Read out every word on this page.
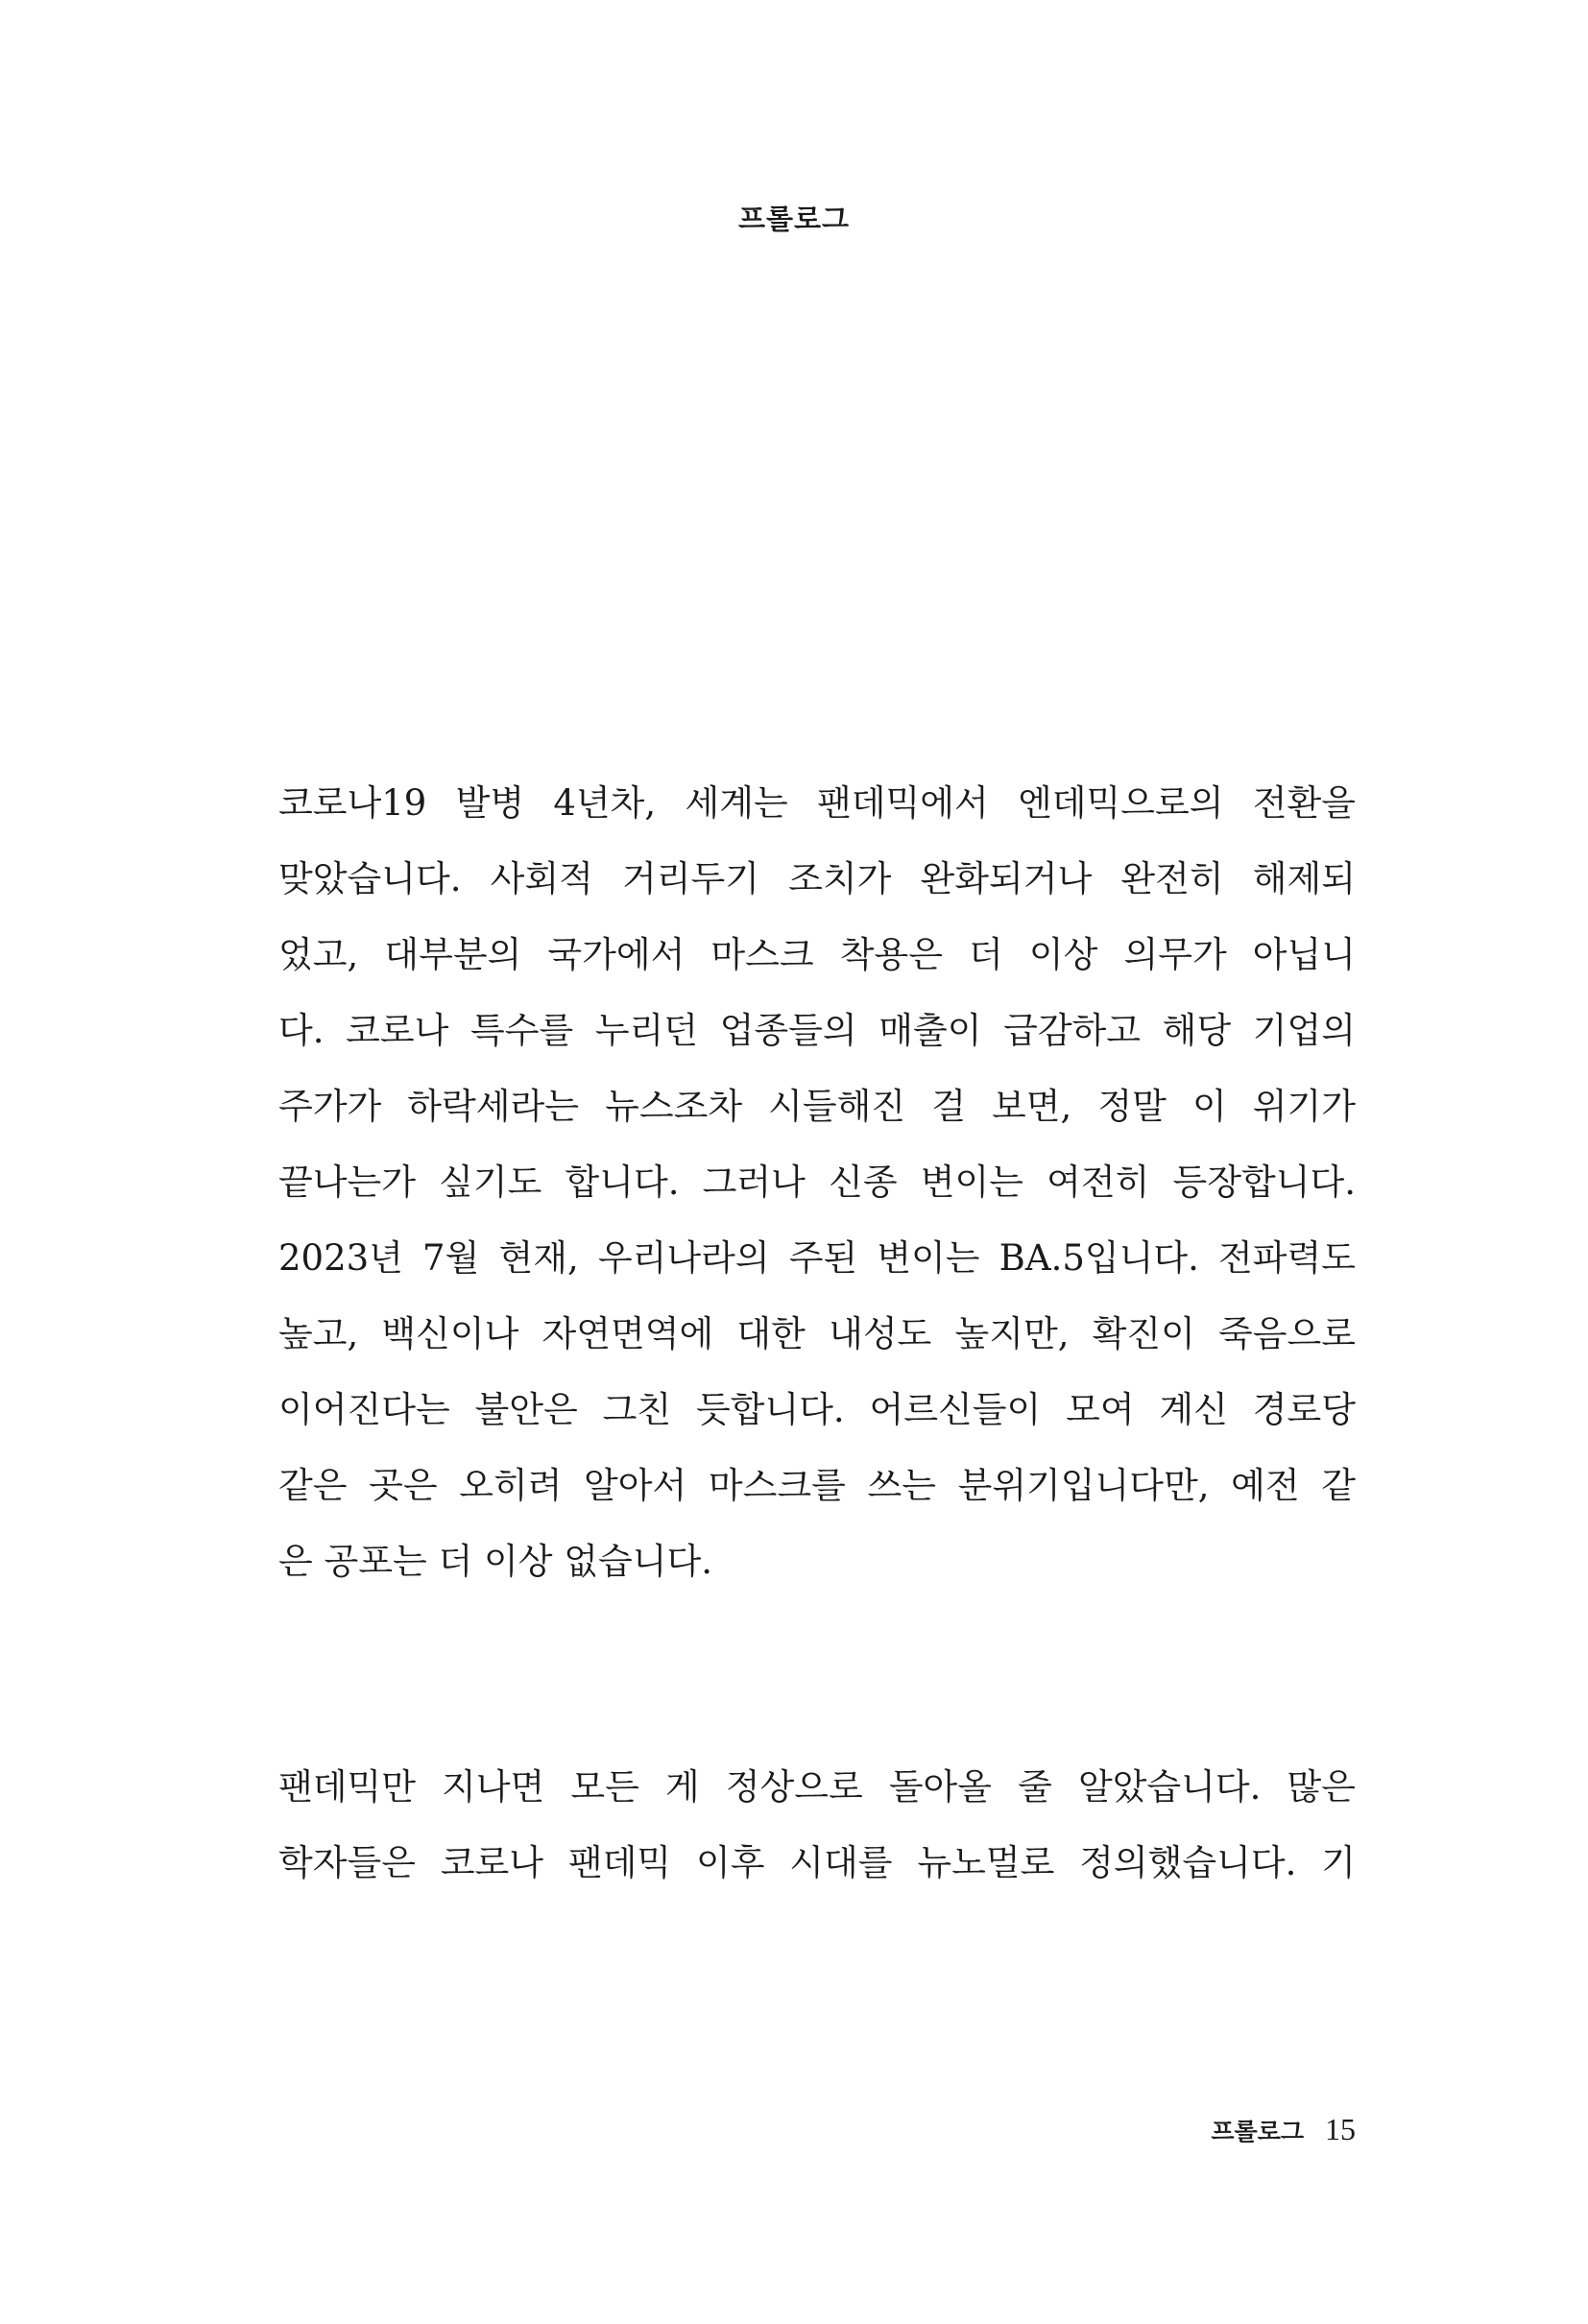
프롤로그
코로나19 발병 4년차, 세계는 팬데믹에서 엔데믹으로의 전환을
맞았습니다. 사회적 거리두기 조치가 완화되거나 완전히 해제되
었고, 대부분의 국가에서 마스크 착용은 더 이상 의무가 아닙니
다. 코로나 특수를 누리던 업종들의 매출이 급감하고 해당 기업의
주가가 하락세라는 뉴스조차 시들해진 걸 보면, 정말 이 위기가
끝나는가 싶기도 합니다. 그러나 신종 변이는 여전히 등장합니다.
2023년 7월 현재, 우리나라의 주된 변이는 BA.5입니다. 전파력도
높고, 백신이나 자연면역에 대한 내성도 높지만, 확진이 죽음으로
이어진다는 불안은 그친 듯합니다. 어르신들이 모여 계신 경로당
같은 곳은 오히려 알아서 마스크를 쓰는 분위기입니다만, 예전 같
은 공포는 더 이상 없습니다.
팬데믹만 지나면 모든 게 정상으로 돌아올 줄 알았습니다. 많은
학자들은 코로나 팬데믹 이후 시대를 뉴노멀로 정의했습니다. 기
프롤로그 15
